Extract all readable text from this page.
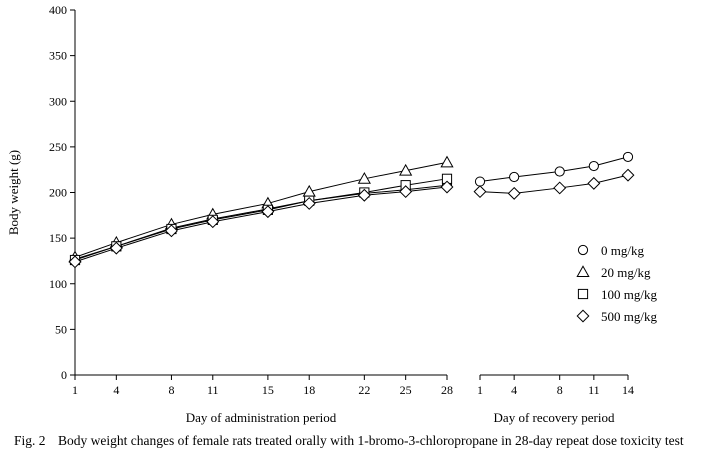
0
50
100
150
200
250
300
350
400
Body weight (g)
1	4	8	11	15 18	22 25 28
Day of administration period
1 4	8 11 14
Day of recovery period
0 mg/kg
20 mg/kg
100 mg/kg
500 mg/kg
Fig. 2 Body weight changes of female rats treated orally with 1-bromo-3-chloropropane in 28-day repeat dose toxicity test
